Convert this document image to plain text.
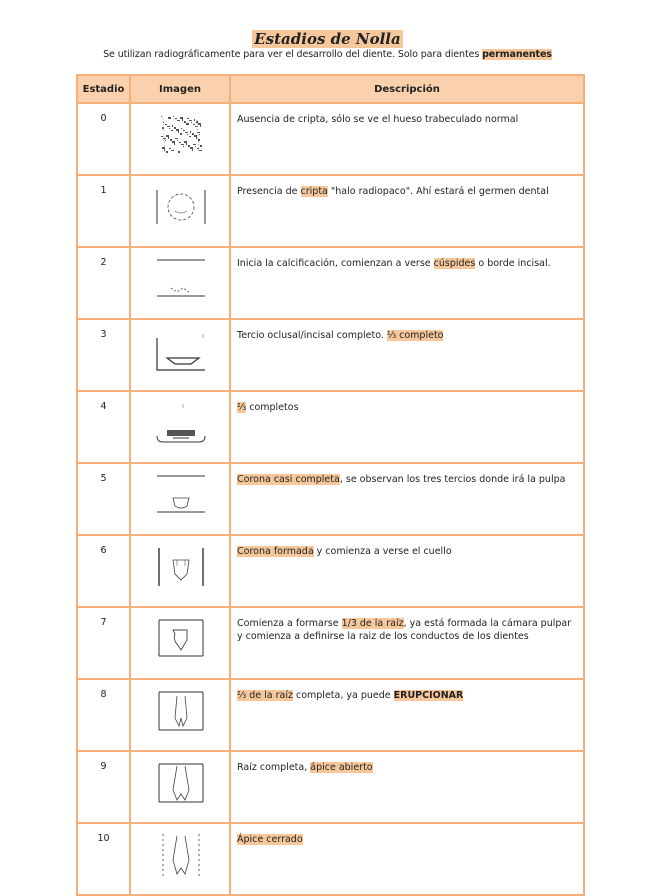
Estadios de Nolla
Se utilizan radiográficamente para ver el desarrollo del diente. Solo para dientes permanentes
Estadio	Imagen	Descripción
0		Ausencia de cripta, sólo se ve el hueso trabeculado normal
1		Presencia de cripta "halo radiopaco". Ahí estará el germen dental
2		Inicia la calcificación, comienzan a verse cúspides o borde incisal.
3		Tercio oclusal/incisal completo. ⅓ completo
4		⅔ completos
5		Corona casi completa, se observan los tres tercios donde irá la pulpa
6		Corona formada y comienza a verse el cuello
7		Comienza a formarse 1/3 de la raíz, ya está formada la cámara pulpar y comienza a definirse la raiz de los conductos de los dientes
8		⅔ de la raíz completa, ya puede ERUPCIONAR
9		Raíz completa, ápice abierto
10		Ápice cerrado
